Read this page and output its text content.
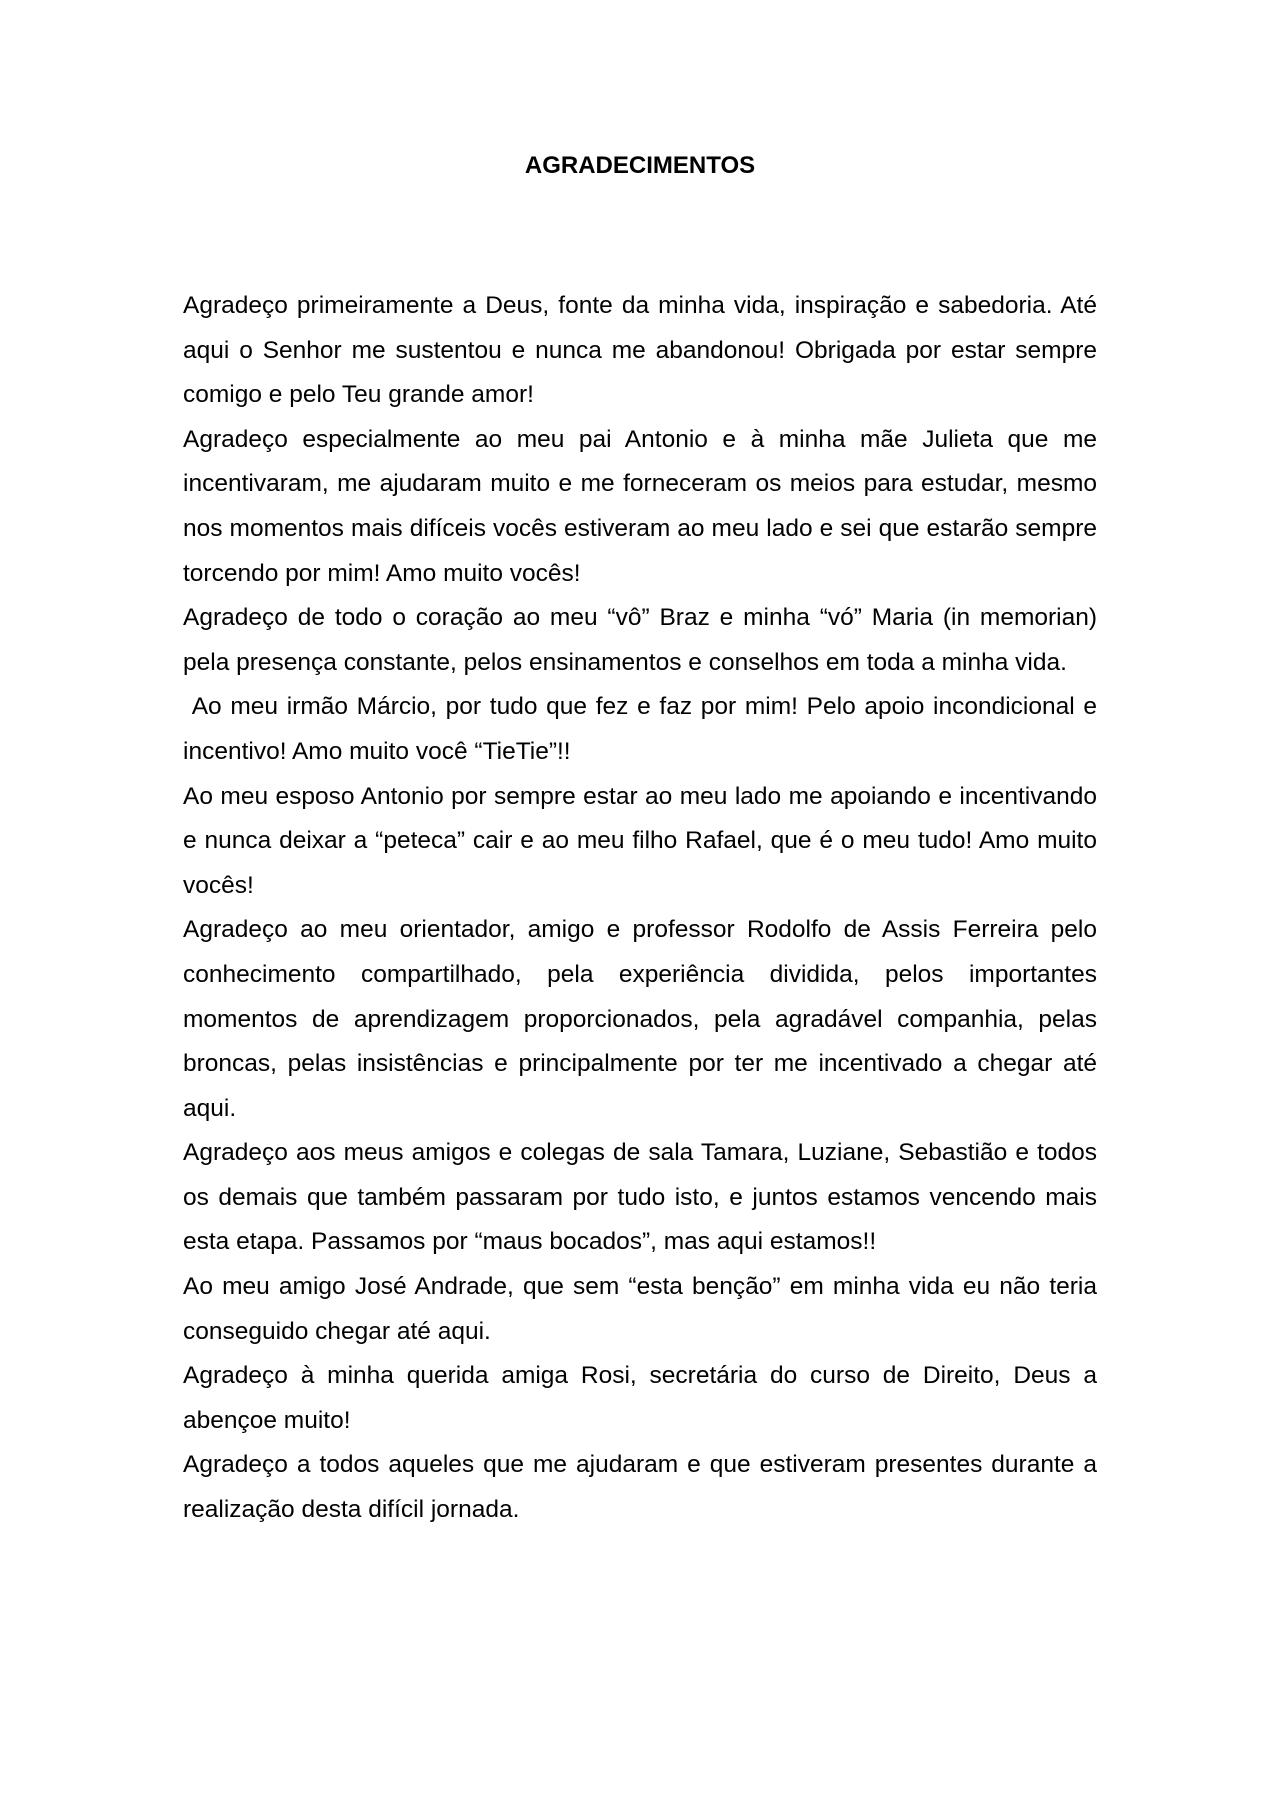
AGRADECIMENTOS

Agradeço primeiramente a Deus, fonte da minha vida, inspiração e sabedoria. Até aqui o Senhor me sustentou e nunca me abandonou! Obrigada por estar sempre comigo e pelo Teu grande amor!

Agradeço especialmente ao meu pai Antonio e à minha mãe Julieta que me incentivaram, me ajudaram muito e me forneceram os meios para estudar, mesmo nos momentos mais difíceis vocês estiveram ao meu lado e sei que estarão sempre torcendo por mim! Amo muito vocês!

Agradeço de todo o coração ao meu “vô” Braz e minha “vó” Maria (in memorian) pela presença constante, pelos ensinamentos e conselhos em toda a minha vida.

Ao meu irmão Márcio, por tudo que fez e faz por mim! Pelo apoio incondicional e incentivo! Amo muito você “TieTie”!!

Ao meu esposo Antonio por sempre estar ao meu lado me apoiando e incentivando e nunca deixar a “peteca” cair e ao meu filho Rafael, que é o meu tudo! Amo muito vocês!

Agradeço ao meu orientador, amigo e professor Rodolfo de Assis Ferreira pelo conhecimento compartilhado, pela experiência dividida, pelos importantes momentos de aprendizagem proporcionados, pela agradável companhia, pelas broncas, pelas insistências e principalmente por ter me incentivado a chegar até aqui.

Agradeço aos meus amigos e colegas de sala Tamara, Luziane, Sebastião e todos os demais que também passaram por tudo isto, e juntos estamos vencendo mais esta etapa. Passamos por “maus bocados”, mas aqui estamos!!

Ao meu amigo José Andrade, que sem “esta benção” em minha vida eu não teria conseguido chegar até aqui.

Agradeço à minha querida amiga Rosi, secretária do curso de Direito, Deus a abençoe muito!

Agradeço a todos aqueles que me ajudaram e que estiveram presentes durante a realização desta difícil jornada.
